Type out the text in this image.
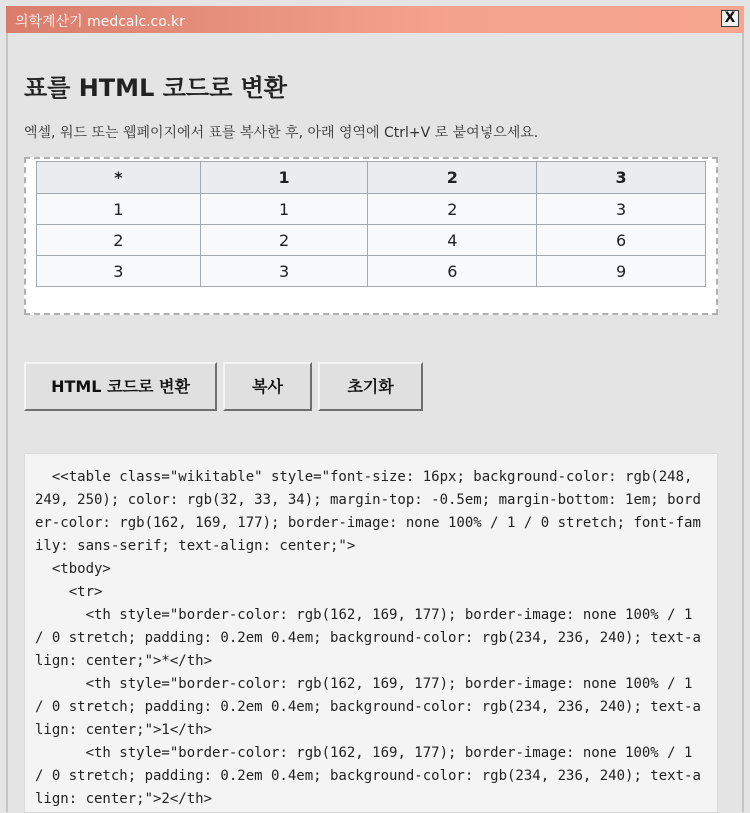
의학계산기 medcalc.co.kr	X
표를 HTML 코드로 변환
엑셀, 워드 또는 웹페이지에서 표를 복사한 후, 아래 영역에 Ctrl+V 로 붙여넣으세요.
*	1	2	3
1	1	2	3
2	2	4	6
3	3	6	9
HTML 코드로 변환	복사	초기화
<<table class="wikitable" style="font-size: 16px; background-color: rgb(248, 249, 250); color: rgb(32, 33, 34); margin-top: -0.5em; margin-bottom: 1em; border-color: rgb(162, 169, 177); border-image: none 100% / 1 / 0 stretch; font-family: sans-serif; text-align: center;">
<tbody>
<tr>
<th style="border-color: rgb(162, 169, 177); border-image: none 100% / 1 / 0 stretch; padding: 0.2em 0.4em; background-color: rgb(234, 236, 240); text-align: center;">*</th>
<th style="border-color: rgb(162, 169, 177); border-image: none 100% / 1 / 0 stretch; padding: 0.2em 0.4em; background-color: rgb(234, 236, 240); text-align: center;">1</th>
<th style="border-color: rgb(162, 169, 177); border-image: none 100% / 1 / 0 stretch; padding: 0.2em 0.4em; background-color: rgb(234, 236, 240); text-align: center;">2</th>
